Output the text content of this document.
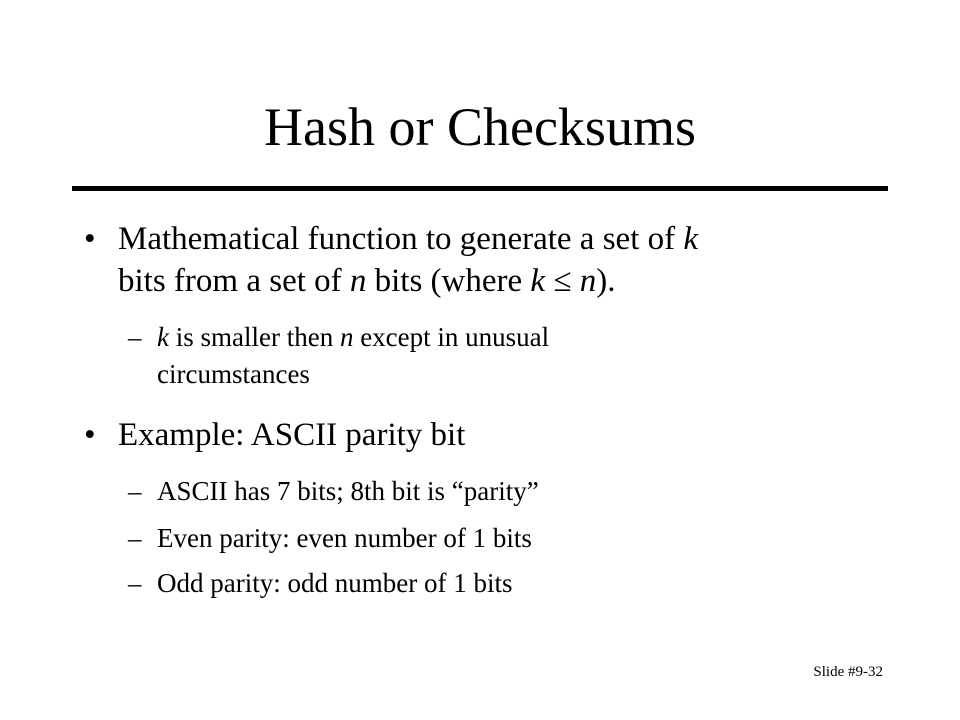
Hash or Checksums
• Mathematical function to generate a set of k
bits from a set of n bits (where k ≤ n).
– k is smaller then n except in unusual
circumstances
• Example: ASCII parity bit
– ASCII has 7 bits; 8th bit is “parity”
– Even parity: even number of 1 bits
– Odd parity: odd number of 1 bits
Slide #9-32
